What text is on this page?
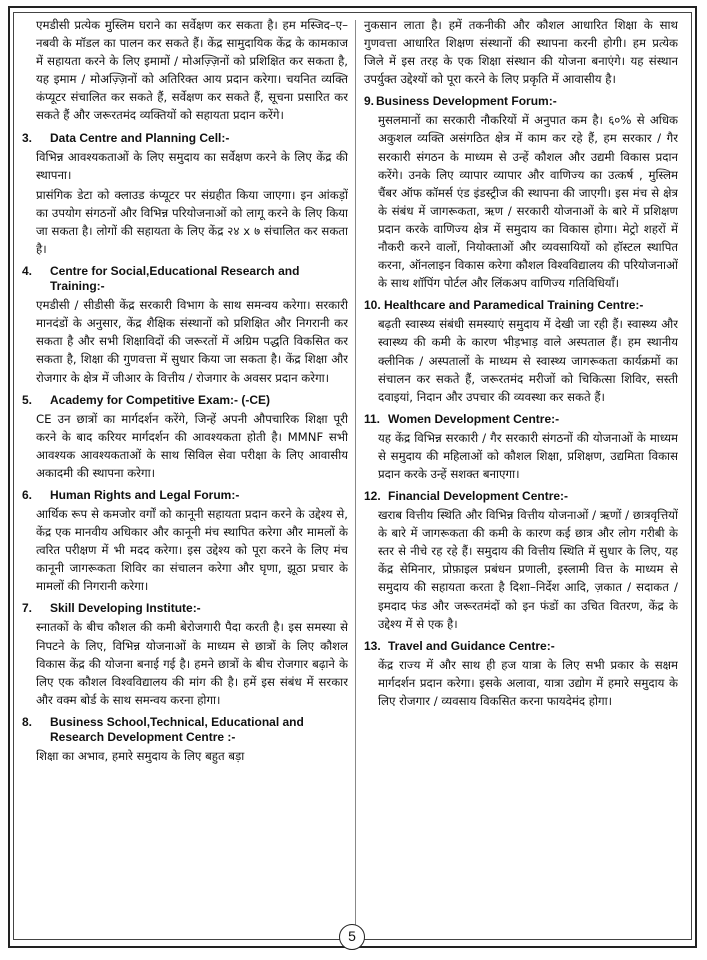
एमडीसी प्रत्येक मुस्लिम घराने का सर्वेक्षण कर सकता है। हम मस्जिद–ए–नबवी के मॉडल का पालन कर सकते हैं। केंद्र सामुदायिक केंद्र के कामकाज में सहायता करने के लिए इमामों / मोअज़्ज़िनों को प्रशिक्षित कर सकता है, यह इमाम / मोअज़्ज़िनों को अतिरिक्त आय प्रदान करेगा। चयनित व्यक्ति कंप्यूटर संचालित कर सकते हैं, सर्वेक्षण कर सकते हैं, सूचना प्रसारित कर सकते हैं और जरूरतमंद व्यक्तियों को सहायता प्रदान करेंगे।

3.	Data Centre and Planning Cell:-

विभिन्न आवश्यकताओं के लिए समुदाय का सर्वेक्षण करने के लिए केंद्र की स्थापना।

प्रासंगिक डेटा को क्लाउड कंप्यूटर पर संग्रहीत किया जाएगा। इन आंकड़ों का उपयोग संगठनों और विभिन्न परियोजनाओं को लागू करने के लिए किया जा सकता है। लोगों की सहायता के लिए केंद्र २४ x ७ संचालित कर सकता है।

4.	Centre for Social,Educational Research and Training:-

एमडीसी / सीडीसी केंद्र सरकारी विभाग के साथ समन्वय करेगा। सरकारी मानदंडों के अनुसार, केंद्र शैक्षिक संस्थानों को प्रशिक्षित और निगरानी कर सकता है और सभी शिक्षाविदों की जरूरतों में अग्रिम पद्धति विकसित कर सकता है, शिक्षा की गुणवत्ता में सुधार किया जा सकता है। केंद्र शिक्षा और रोजगार के क्षेत्र में जीआर के वित्तीय / रोजगार के अवसर प्रदान करेगा।

5.	Academy for Competitive Exam:- (-CE)

CE उन छात्रों का मार्गदर्शन करेंगे, जिन्हें अपनी औपचारिक शिक्षा पूरी करने के बाद करियर मार्गदर्शन की आवश्यकता होती है। MMNF सभी आवश्यक आवश्यकताओं के साथ सिविल सेवा परीक्षा के लिए आवासीय अकादमी की स्थापना करेगा।

6.	Human Rights and Legal Forum:-

आर्थिक रूप से कमजोर वर्गों को कानूनी सहायता प्रदान करने के उद्देश्य से, केंद्र एक मानवीय अधिकार और कानूनी मंच स्थापित करेगा और मामलों के त्वरित परीक्षण में भी मदद करेगा। इस उद्देश्य को पूरा करने के लिए मंच कानूनी जागरूकता शिविर का संचालन करेगा और घृणा, झूठा प्रचार के मामलों की निगरानी करेगा।

7.	Skill Developing Institute:-

स्नातकों के बीच कौशल की कमी बेरोजगारी पैदा करती है। इस समस्या से निपटने के लिए, विभिन्न योजनाओं के माध्यम से छात्रों के लिए कौशल विकास केंद्र की योजना बनाई गई है। हमने छात्रों के बीच रोजगार बढ़ाने के लिए एक कौशल विश्वविद्यालय की मांग की है। हमें इस संबंध में सरकार और वक्म बोर्ड के साथ समन्वय करना होगा।

8.	Business School,Technical, Educational and Research Development Centre :-

शिक्षा का अभाव, हमारे समुदाय के लिए बहुत बड़ा

नुकसान लाता है। हमें तकनीकी और कौशल आधारित शिक्षा के साथ गुणवत्ता आधारित शिक्षण संस्थानों की स्थापना करनी होगी। हम प्रत्येक जिले में इस तरह के एक शिक्षा संस्थान की योजना बनाएंगे। यह संस्थान उपर्युक्त उद्देश्यों को पूरा करने के लिए प्रकृति में आवासीय है।

9. Business Development Forum:-

मुसलमानों का सरकारी नौकरियों में अनुपात कम है। ६०% से अधिक अकुशल व्यक्ति असंगठित क्षेत्र में काम कर रहे हैं, हम सरकार / गैर सरकारी संगठन के माध्यम से उन्हें कौशल और उद्यमी विकास प्रदान करेंगे। उनके लिए व्यापार व्यापार और वाणिज्य का उत्कर्ष , मुस्लिम चैंबर ऑफ कॉमर्स एंड इंडस्ट्रीज की स्थापना की जाएगी। इस मंच से क्षेत्र के संबंध में जागरूकता, ऋण / सरकारी योजनाओं के बारे में प्रशिक्षण प्रदान करके वाणिज्य क्षेत्र में समुदाय का विकास होगा। मेट्रो शहरों में नौकरी करने वालों, नियोक्ताओं और व्यवसायियों को हॉस्टल स्थापित करना, ऑनलाइन विकास करेगा कौशल विश्वविद्यालय की परियोजनाओं के साथ शॉपिंग पोर्टल और लिंकअप वाणिज्य गतिविधियाँ।

10. Healthcare and Paramedical Training Centre:-

बढ़ती स्वास्थ्य संबंधी समस्याएं समुदाय में देखी जा रही हैं। स्वास्थ्य और स्वास्थ्य की कमी के कारण भीड़भाड़ वाले अस्पताल हैं। हम स्थानीय क्लीनिक / अस्पतालों के माध्यम से स्वास्थ्य जागरूकता कार्यक्रमों का संचालन कर सकते हैं, जरूरतमंद मरीजों को चिकित्सा शिविर, सस्ती दवाइयां, निदान और उपचार की व्यवस्था कर सकते हैं।

11. Women Development Centre:-

यह केंद्र विभिन्न सरकारी / गैर सरकारी संगठनों की योजनाओं के माध्यम से समुदाय की महिलाओं को कौशल शिक्षा, प्रशिक्षण, उद्यमिता विकास प्रदान करके उन्हें सशक्त बनाएगा।

12. Financial Development Centre:-

खराब वित्तीय स्थिति और विभिन्न वित्तीय योजनाओं / ऋणों / छात्रवृत्तियों के बारे में जागरूकता की कमी के कारण कई छात्र और लोग गरीबी के स्तर से नीचे रह रहे हैं। समुदाय की वित्तीय स्थिति में सुधार के लिए, यह केंद्र सेमिनार, प्रोफ़ाइल प्रबंधन प्रणाली, इस्लामी वित्त के माध्यम से समुदाय की सहायता करता है दिशा–निर्देश आदि, ज़कात / सदाकत / इमदाद फंड और जरूरतमंदों को इन फंडों का उचित वितरण, केंद्र के उद्देश्य में से एक है।

13. Travel and Guidance Centre:-

केंद्र राज्य में और साथ ही हज यात्रा के लिए सभी प्रकार के सक्षम मार्गदर्शन प्रदान करेगा। इसके अलावा, यात्रा उद्योग में हमारे समुदाय के लिए रोजगार / व्यवसाय विकसित करना फायदेमंद होगा।

5
